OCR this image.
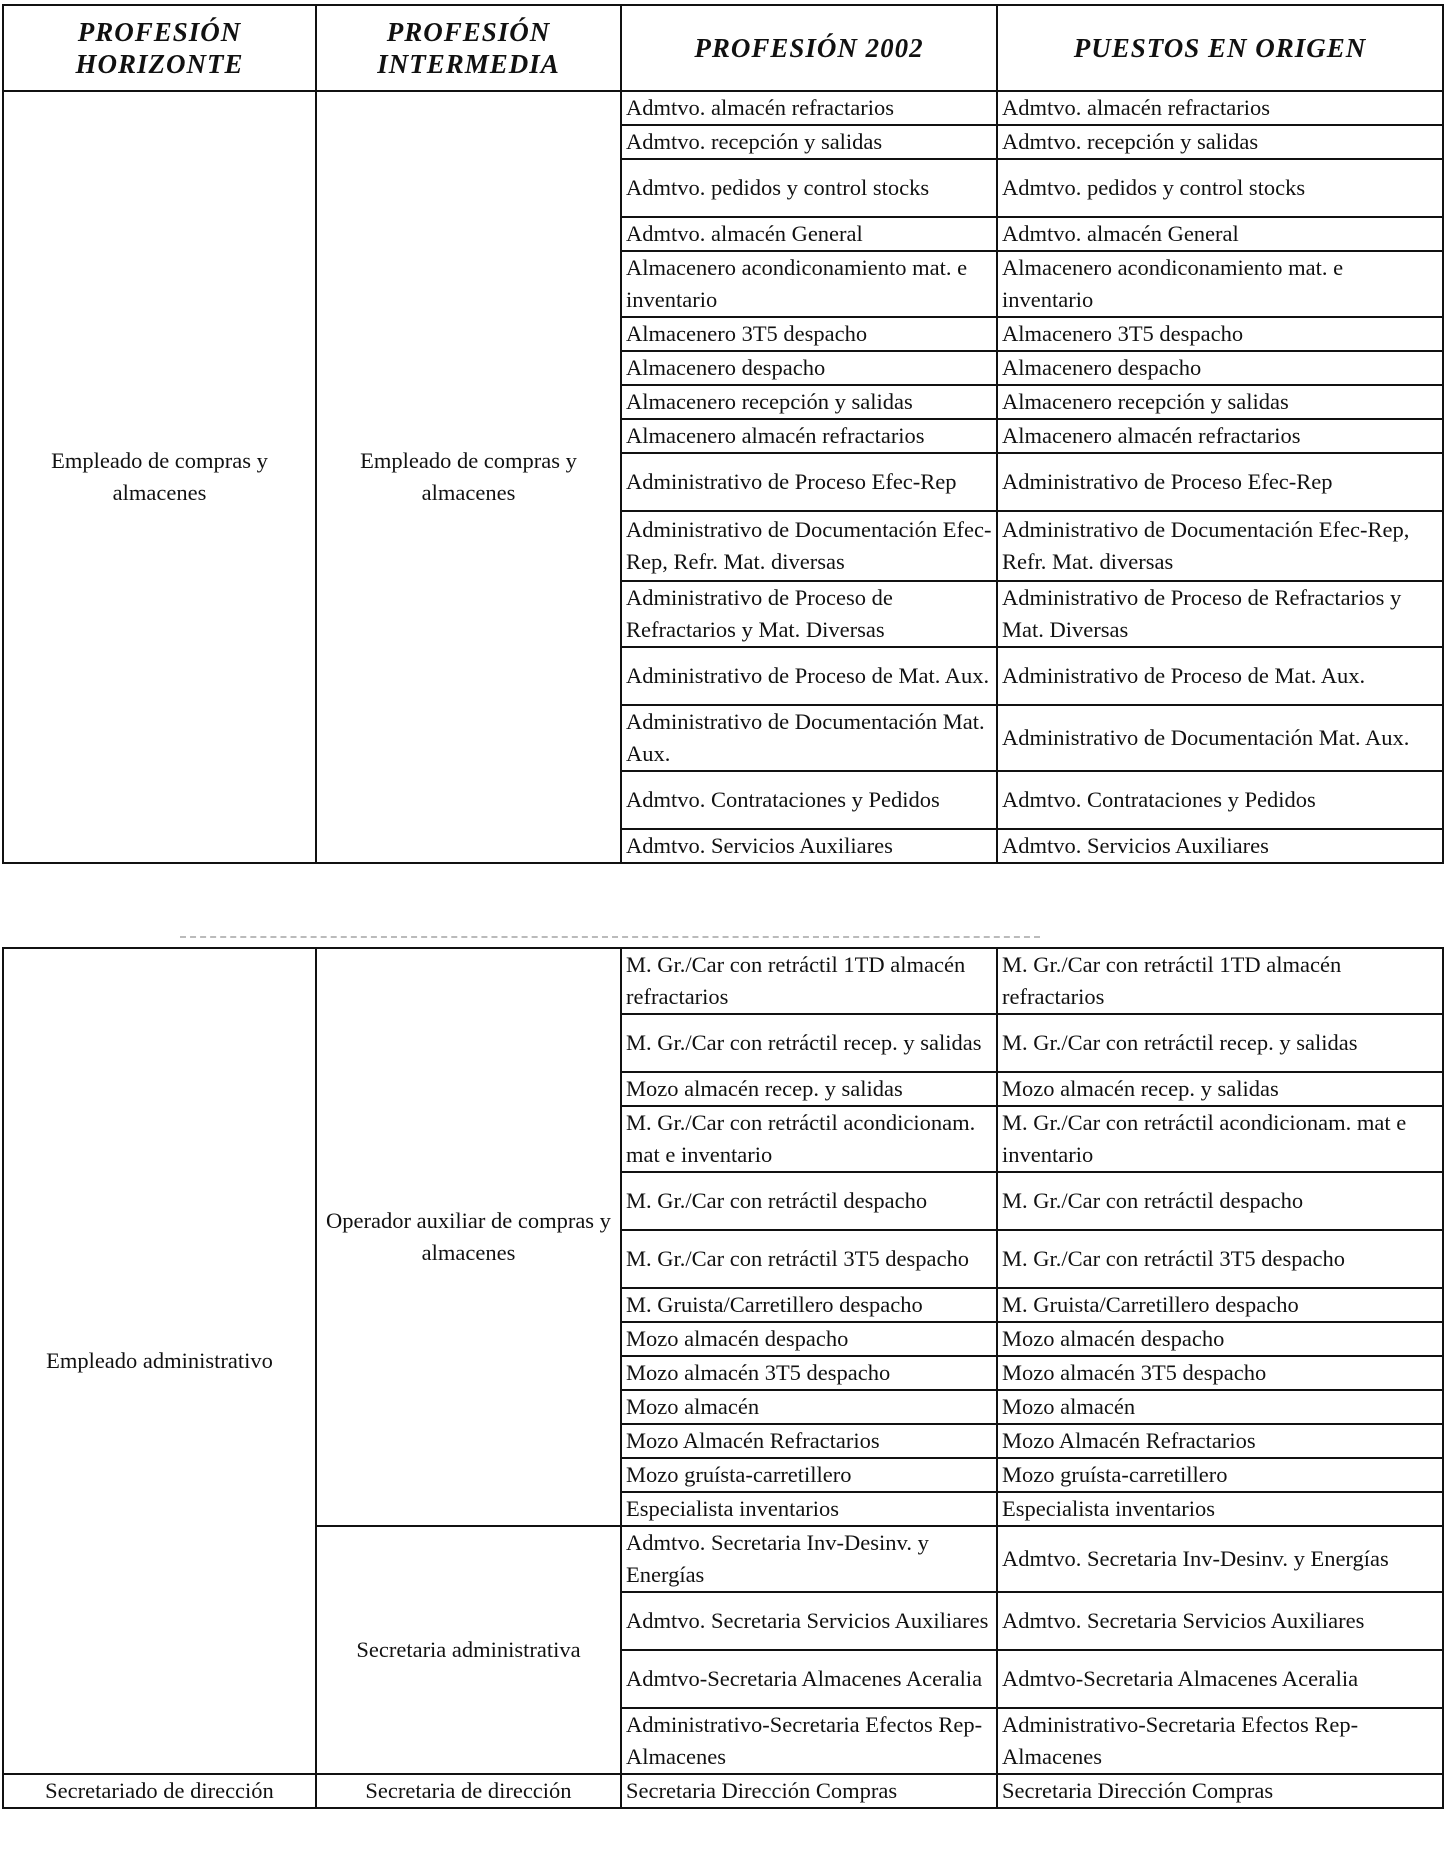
PROFESIÓN HORIZONTE	PROFESIÓN INTERMEDIA	PROFESIÓN 2002	PUESTOS EN ORIGEN
Empleado de compras y almacenes	Empleado de compras y almacenes	Admtvo. almacén refractarios	Admtvo. almacén refractarios
		Admtvo. recepción y salidas	Admtvo. recepción y salidas
		Admtvo. pedidos y control stocks	Admtvo. pedidos y control stocks
		Admtvo. almacén General	Admtvo. almacén General
		Almacenero acondiconamiento mat. e inventario	Almacenero acondiconamiento mat. e inventario
		Almacenero 3T5 despacho	Almacenero 3T5 despacho
		Almacenero despacho	Almacenero despacho
		Almacenero recepción y salidas	Almacenero recepción y salidas
		Almacenero almacén refractarios	Almacenero almacén refractarios
		Administrativo de Proceso Efec-Rep	Administrativo de Proceso Efec-Rep
		Administrativo de Documentación Efec-Rep, Refr. Mat. diversas	Administrativo de Documentación Efec-Rep, Refr. Mat. diversas
		Administrativo de Proceso de Refractarios y Mat. Diversas	Administrativo de Proceso de Refractarios y Mat. Diversas
		Administrativo de Proceso de Mat. Aux.	Administrativo de Proceso de Mat. Aux.
		Administrativo de Documentación Mat. Aux.	Administrativo de Documentación Mat. Aux.
		Admtvo. Contrataciones y Pedidos	Admtvo. Contrataciones y Pedidos
		Admtvo. Servicios Auxiliares	Admtvo. Servicios Auxiliares
Empleado administrativo	Operador auxiliar de compras y almacenes	M. Gr./Car con retráctil 1TD almacén refractarios	M. Gr./Car con retráctil 1TD almacén refractarios
		M. Gr./Car con retráctil recep. y salidas	M. Gr./Car con retráctil recep. y salidas
		Mozo almacén recep. y salidas	Mozo almacén recep. y salidas
		M. Gr./Car con retráctil acondicionam. mat e inventario	M. Gr./Car con retráctil acondicionam. mat e inventario
		M. Gr./Car con retráctil despacho	M. Gr./Car con retráctil despacho
		M. Gr./Car con retráctil 3T5 despacho	M. Gr./Car con retráctil 3T5 despacho
		M. Gruista/Carretillero despacho	M. Gruista/Carretillero despacho
		Mozo almacén despacho	Mozo almacén despacho
		Mozo almacén 3T5 despacho	Mozo almacén 3T5 despacho
		Mozo almacén	Mozo almacén
		Mozo Almacén Refractarios	Mozo Almacén Refractarios
		Mozo gruísta-carretillero	Mozo gruísta-carretillero
		Especialista inventarios	Especialista inventarios
	Secretaria administrativa	Admtvo. Secretaria Inv-Desinv. y Energías	Admtvo. Secretaria Inv-Desinv. y Energías
		Admtvo. Secretaria Servicios Auxiliares	Admtvo. Secretaria Servicios Auxiliares
		Admtvo-Secretaria Almacenes Aceralia	Admtvo-Secretaria Almacenes Aceralia
		Administrativo-Secretaria Efectos Rep-Almacenes	Administrativo-Secretaria Efectos Rep-Almacenes
Secretariado de dirección	Secretaria de dirección	Secretaria Dirección Compras	Secretaria Dirección Compras
